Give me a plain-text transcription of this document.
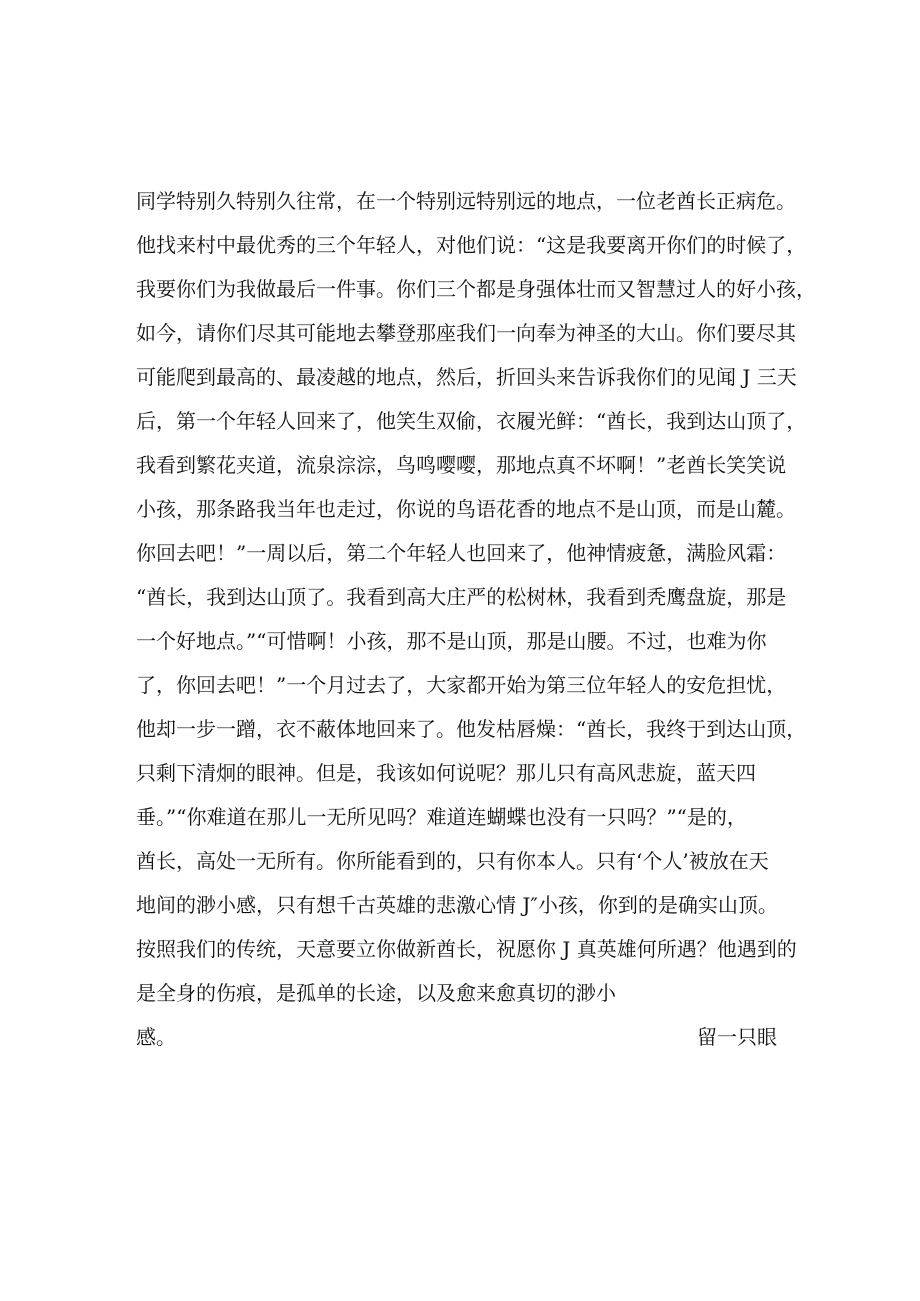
同学特别久特别久往常，在一个特别远特别远的地点，一位老酋长正病危。
他找来村中最优秀的三个年轻人，对他们说：“这是我要离开你们的时候了，
我要你们为我做最后一件事。你们三个都是身强体壮而又智慧过人的好小孩，
如今，请你们尽其可能地去攀登那座我们一向奉为神圣的大山。你们要尽其
可能爬到最高的、最凌越的地点，然后，折回头来告诉我你们的见闻 J 三天
后，第一个年轻人回来了，他笑生双偷，衣履光鲜：“酋长，我到达山顶了，
我看到繁花夹道，流泉淙淙，鸟鸣嘤嘤，那地点真不坏啊！”老酋长笑笑说
小孩，那条路我当年也走过，你说的鸟语花香的地点不是山顶，而是山麓。
你回去吧！”一周以后，第二个年轻人也回来了，他神情疲惫，满脸风霜：
“酋长，我到达山顶了。我看到高大庄严的松树林，我看到秃鹰盘旋，那是
一个好地点。”“可惜啊！小孩，那不是山顶，那是山腰。不过，也难为你
了，你回去吧！”一个月过去了，大家都开始为第三位年轻人的安危担忧，
他却一步一蹭，衣不蔽体地回来了。他发枯唇燥：“酋长，我终于到达山顶，
只剩下清炯的眼神。但是，我该如何说呢？那儿只有高风悲旋，蓝天四
垂。”“你难道在那儿一无所见吗？难道连蝴蝶也没有一只吗？”“是的，
酋长，高处一无所有。你所能看到的，只有你本人。只有‘个人’被放在天
地间的渺小感，只有想千古英雄的悲激心情 J″小孩，你到的是确实山顶。
按照我们的传统，天意要立你做新酋长，祝愿你 J 真英雄何所遇？他遇到的
是全身的伤痕，是孤单的长途，以及愈来愈真切的渺小
感。	留一只眼
